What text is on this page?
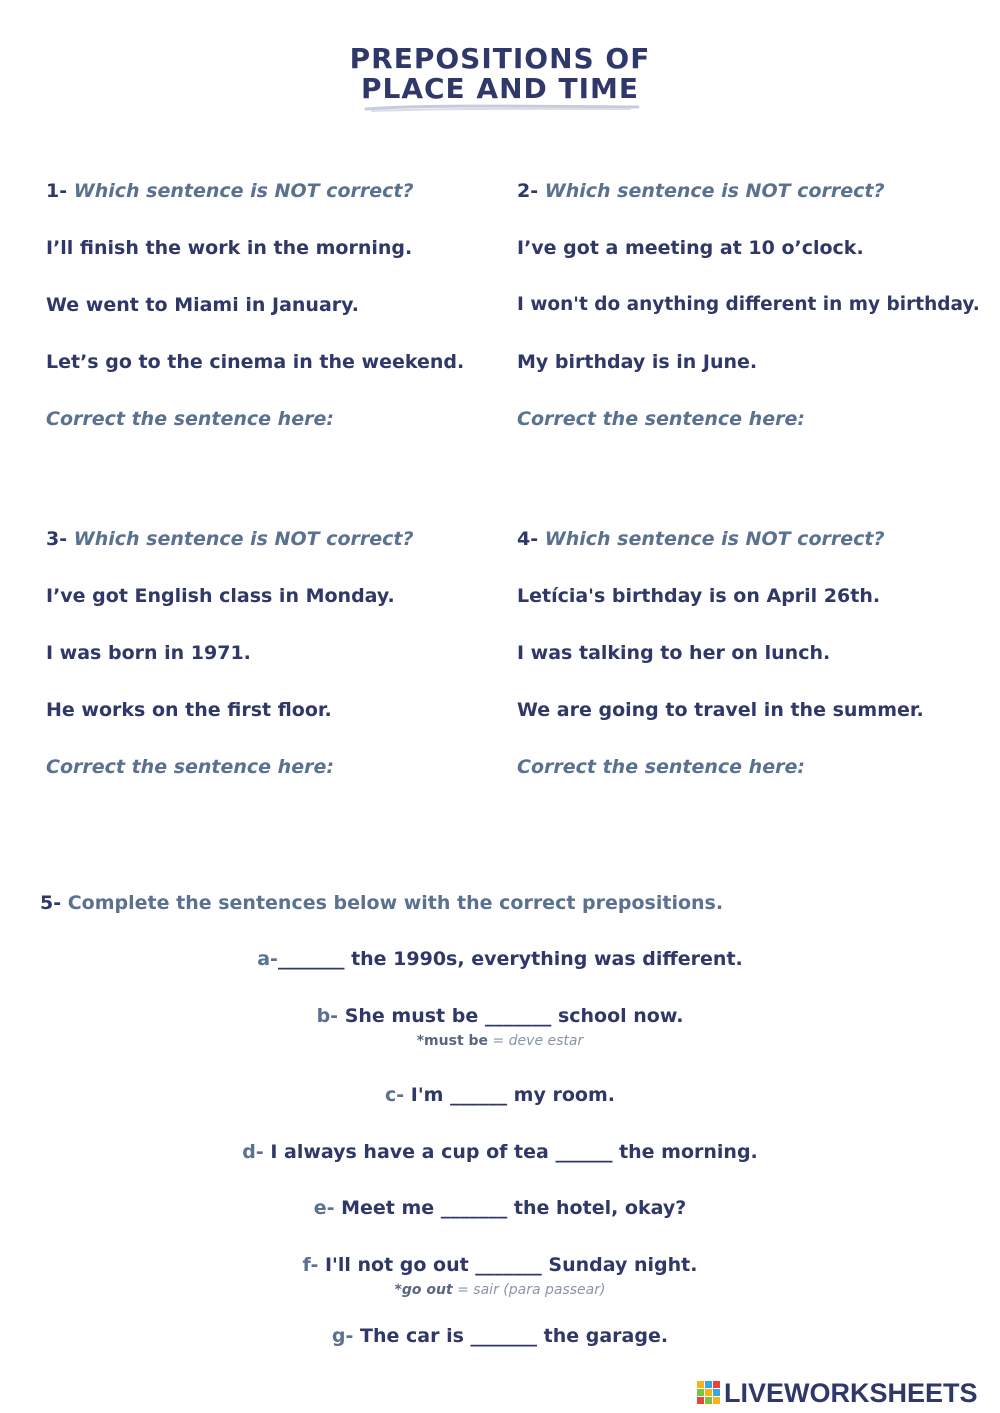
PREPOSITIONS OF
PLACE AND TIME
1- Which sentence is NOT correct?
I’ll finish the work in the morning.
We went to Miami in January.
Let’s go to the cinema in the weekend.
Correct the sentence here:
2- Which sentence is NOT correct?
I’ve got a meeting at 10 o’clock.
I won't do anything different in my birthday.
My birthday is in June.
Correct the sentence here:
3- Which sentence is NOT correct?
I’ve got English class in Monday.
I was born in 1971.
He works on the first floor.
Correct the sentence here:
4- Which sentence is NOT correct?
Letícia's birthday is on April 26th.
I was talking to her on lunch.
We are going to travel in the summer.
Correct the sentence here:
5- Complete the sentences below with the correct prepositions.
a-_______ the 1990s, everything was different.
b- She must be _______ school now.
*must be = deve estar
c- I'm ______ my room.
d- I always have a cup of tea ______ the morning.
e- Meet me _______ the hotel, okay?
f- I'll not go out _______ Sunday night.
*go out = sair (para passear)
g- The car is _______ the garage.
LIVEWORKSHEETS
